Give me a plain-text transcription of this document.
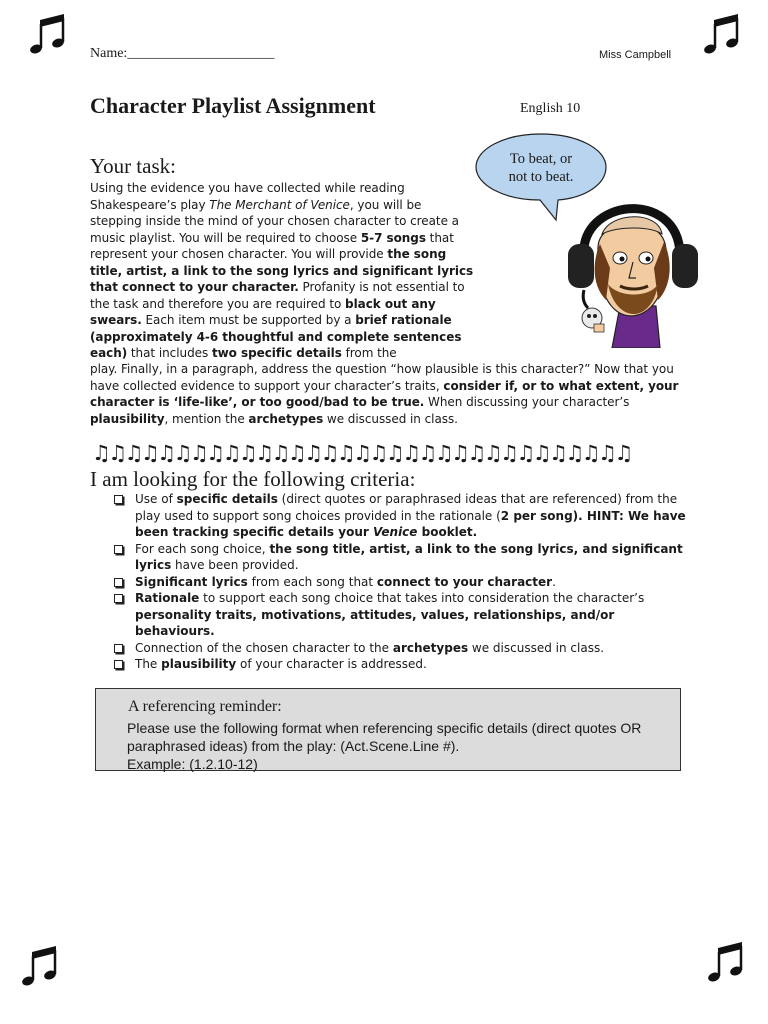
Name:_____________________	Miss Campbell
Character Playlist Assignment	English 10
To beat, or
not to beat.
Your task:
Using the evidence you have collected while reading Shakespeare’s play The Merchant of Venice, you will be stepping inside the mind of your chosen character to create a music playlist. You will be required to choose 5-7 songs that represent your chosen character. You will provide the song title, artist, a link to the song lyrics and significant lyrics that connect to your character. Profanity is not essential to the task and therefore you are required to black out any swears. Each item must be supported by a brief rationale (approximately 4-6 thoughtful and complete sentences each) that includes two specific details from the
play. Finally, in a paragraph, address the question “how plausible is this character?” Now that you have collected evidence to support your character’s traits, consider if, or to what extent, your character is ‘life-like’, or too good/bad to be true. When discussing your character’s plausibility, mention the archetypes we discussed in class.
♫♫♫♫♫♫♫♫♫♫♫♫♫♫♫♫♫♫♫♫♫♫♫♫♫♫♫♫♫♫♫♫♫
I am looking for the following criteria:
Use of specific details (direct quotes or paraphrased ideas that are referenced) from the play used to support song choices provided in the rationale (2 per song). HINT: We have been tracking specific details your Venice booklet.
For each song choice, the song title, artist, a link to the song lyrics, and significant lyrics have been provided.
Significant lyrics from each song that connect to your character.
Rationale to support each song choice that takes into consideration the character’s personality traits, motivations, attitudes, values, relationships, and/or behaviours.
Connection of the chosen character to the archetypes we discussed in class.
The plausibility of your character is addressed.
A referencing reminder:
Please use the following format when referencing specific details (direct quotes OR paraphrased ideas) from the play: (Act.Scene.Line #).
Example: (1.2.10-12)
